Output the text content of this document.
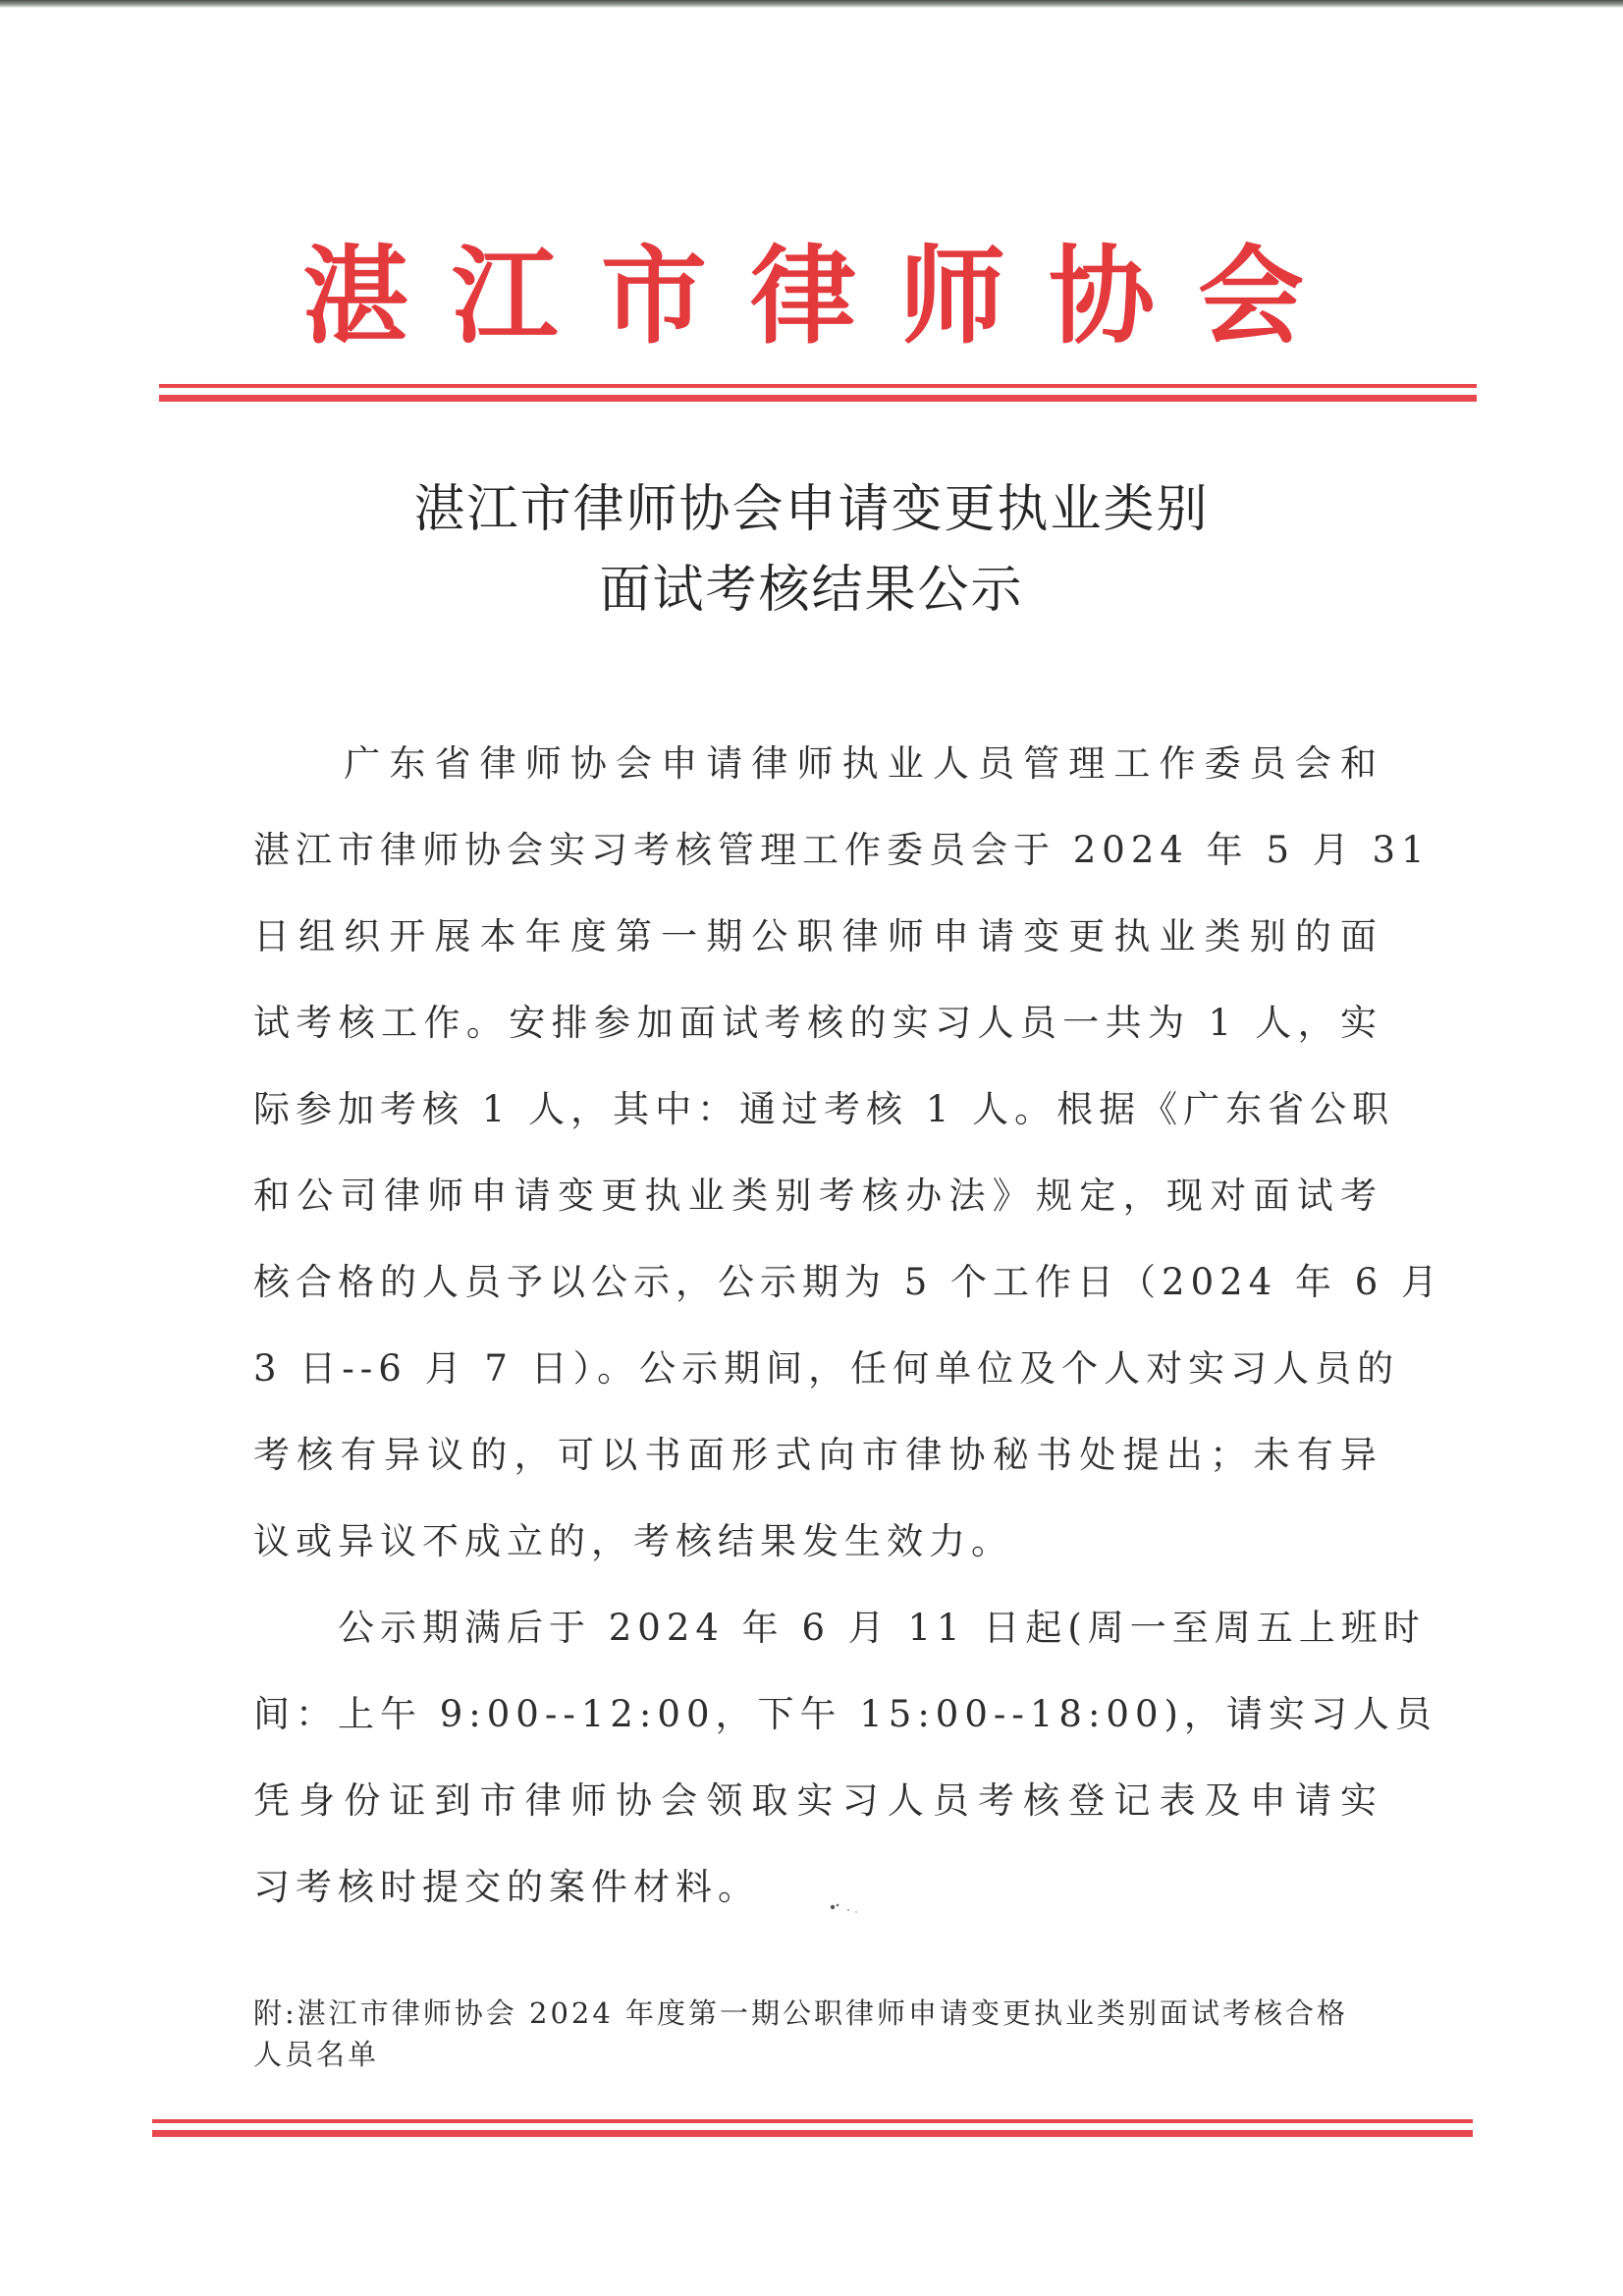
湛江市律师协会
湛江市律师协会申请变更执业类别
面试考核结果公示
　　广东省律师协会申请律师执业人员管理工作委员会和
湛江市律师协会实习考核管理工作委员会于 2024 年 5 月 31
日组织开展本年度第一期公职律师申请变更执业类别的面
试考核工作。安排参加面试考核的实习人员一共为 1 人，实
际参加考核 1 人，其中：通过考核 1 人。根据《广东省公职
和公司律师申请变更执业类别考核办法》规定，现对面试考
核合格的人员予以公示，公示期为 5 个工作日（2024 年 6 月
3 日--6 月 7 日）。公示期间，任何单位及个人对实习人员的
考核有异议的，可以书面形式向市律协秘书处提出；未有异
议或异议不成立的，考核结果发生效力。
　　公示期满后于 2024 年 6 月 11 日起(周一至周五上班时
间：上午 9:00--12:00，下午 15:00--18:00)，请实习人员
凭身份证到市律师协会领取实习人员考核登记表及申请实
习考核时提交的案件材料。
附:湛江市律师协会 2024 年度第一期公职律师申请变更执业类别面试考核合格
人员名单
